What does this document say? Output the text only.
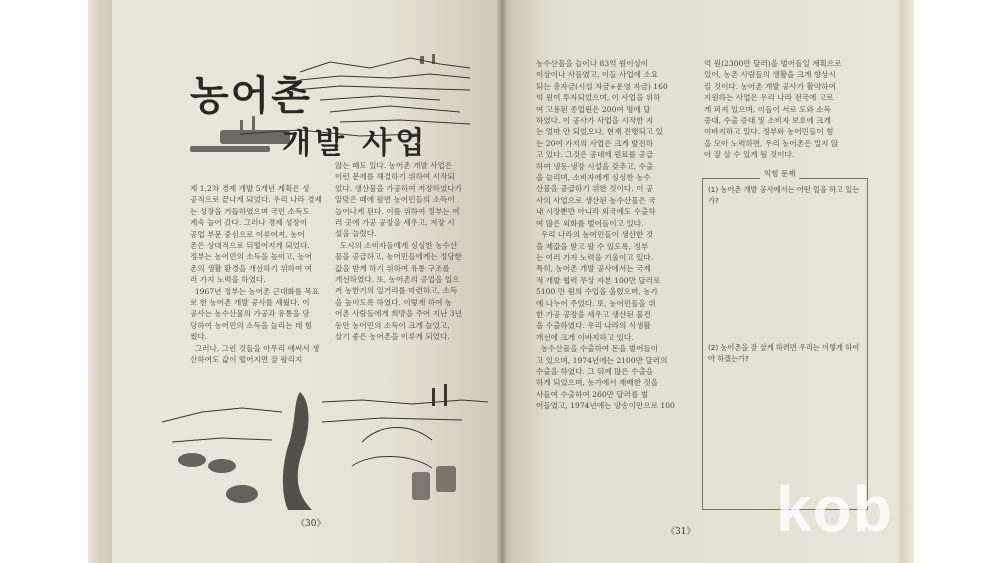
농어촌
개발 사업
제 1,2차 경제 개발 5개년 계획은 성
공적으로 끝나게 되었다. 우리 나라 경제
는 성장을 거듭하였으며 국민 소득도
계속 늘어 갔다. 그러나 경제 성장이
공업 부문 중심으로 이루어져, 농어
촌은 상대적으로 뒤떨어지게 되었다.
정부는 농어민의 소득을 높이고, 농어
촌의 생활 환경을 개선하기 위하여 여
러 가지 노력을 하였다.
1967년 정부는 농어촌 근대화를 목표
로 한 농어촌 개발 공사를 세웠다. 이
공사는 농수산물의 가공과 유통을 담
당하여 농어민의 소득을 늘리는 데 힘
썼다.
그러나, 그런 것들을 아무리 애써서 생
산하여도 값이 떨어지면 잘 팔리지
않는 때도 있다. 농어촌 개발 사업은
이런 문제를 해결하기 위하여 시작되
었다. 생산물을 가공하여 저장하였다가
알맞은 때에 팔면 농어민들의 소득이
늘어나게 된다. 이를 위하여 정부는 여
러 곳에 가공 공장을 세우고, 저장 시
설을 늘렸다.
도시의 소비자들에게 싱싱한 농수산
물을 공급하고, 농어민들에게는 정당한
값을 받게 하기 위하여 유통 구조를
개선하였다. 또, 농어촌의 공업을 일으
켜 농한기의 일거리를 마련하고, 소득
을 높이도록 하였다. 이렇게 하여 농
어촌 사람들에게 희망을 주어 지난 3년
동안 농어민의 소득이 크게 늘었고,
살기 좋은 농어촌을 이루게 되었다.
《30》
농수산물을 늘어나 83억 원이상이
이상이나 사들였고, 이들 사업에 소요
되는 총자금(시설 자금+운영 자금) 160
억 원이 투자되었으며, 이 사업을 위하
여 고용된 종업원은 200여 명에 달
하였다. 이 공사가 사업을 시작한 지
는 얼마 안 되었으나, 현재 진행되고 있
는 20여 가지의 사업은 크게 발전하
고 있다. 그것은 공네에 원료를 공급
하여 냉동·냉장 시설을 갖추고, 수출
을 늘리며, 소비자에게 싱싱한 농수
산물을 공급하기 위한 것이다. 이 공
사의 사업으로 생산된 농수산물은 국
내 시장뿐만 아니라 외국에도 수출하
여 많은 외화를 벌어들이고 있다.
우리 나라의 농어민들이 생산한 것
을 제값을 받고 팔 수 있도록, 정부
는 여러 가지 노력을 기울이고 있다.
특히, 농어촌 개발 공사에서는 국제
적 개발 협력 무상 자본 100만 달러로
5100 만 원의 수입을 올렸으며, 농가
에 나누어 주었다. 또, 농어민들을 위
한 가공 공장을 세우고 생산된 물건
을 수출하였다. 우리 나라의 식생활
개선에 크게 이바지하고 있다.
농수산물을 수출하여 돈을 벌어들이
고 있으며, 1974년에는 2100만 달러의
수출을 하였다. 그 뒤에 많은 수출을
하게 되었으며, 농가에서 재배한 것을
사들여 수출하여 260만 달러를 벌
어들였고, 1974년에는 양송이만으로 100
억 원(2300만 달러)을 벌어들일 계획으로
있어, 농촌 사람들의 생활을 크게 향상시
킬 것이다. 농어촌 개발 공사가 활약하여
지원하는 사업은 우리 나라 전국에 고르
게 퍼져 있으며, 이들이 서로 도와 소득
증대, 수출 증대 및 소비자 보호에 크게
이바지하고 있다. 정부와 농어민들이 힘
을 모아 노력하면, 우리 농어촌은 멀지 않
아 잘 살 수 있게 될 것이다.
익힘 문제
(1) 농어촌 개발 공사에서는 어떤 일을 하고 있는가?
(2) 농어촌을 잘 살게 하려면 우리는 어떻게 하여야 하겠는가?
《31》 kob
